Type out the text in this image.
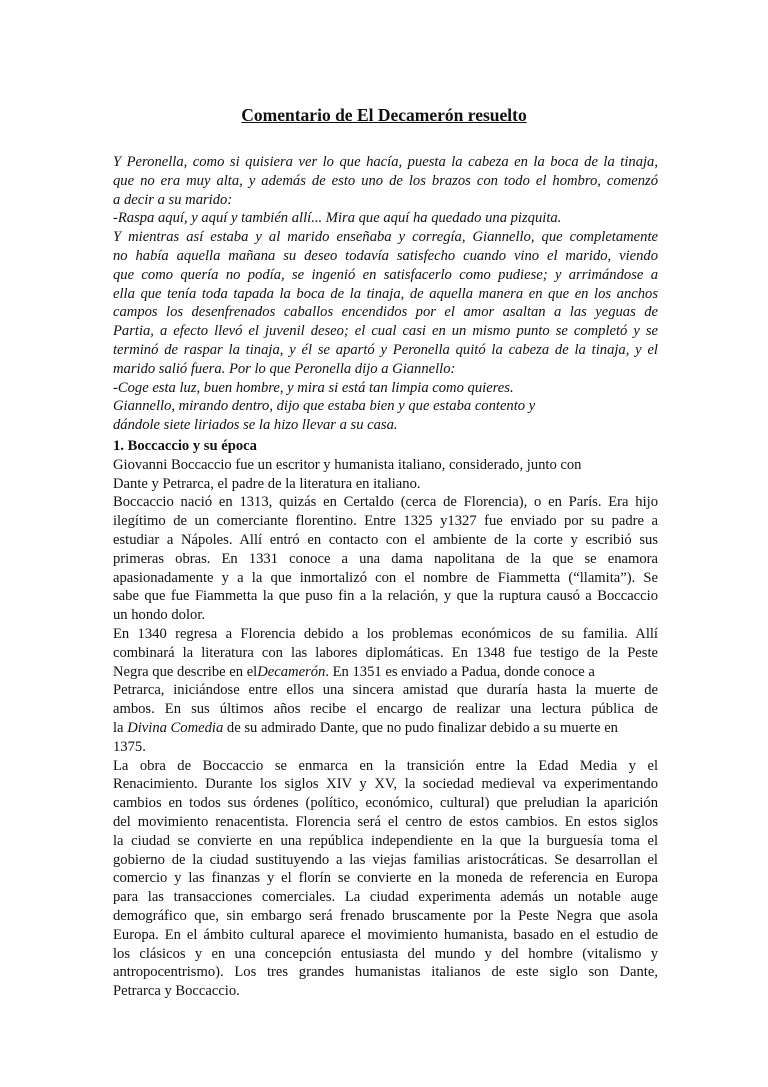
Comentario de El Decamerón resuelto
Y Peronella, como si quisiera ver lo que hacía, puesta la cabeza en la boca de la tinaja,
que no era muy alta, y además de esto uno de los brazos con todo el hombro, comenzó
a decir a su marido:
-Raspa aquí, y aquí y también allí... Mira que aquí ha quedado una pizquita.
Y mientras así estaba y al marido enseñaba y corregía, Giannello, que completamente
no había aquella mañana su deseo todavía satisfecho cuando vino el marido, viendo
que como quería no podía, se ingenió en satisfacerlo como pudiese; y arrimándose a
ella que tenía toda tapada la boca de la tinaja, de aquella manera en que en los anchos
campos los desenfrenados caballos encendidos por el amor asaltan a las yeguas de
Partia, a efecto llevó el juvenil deseo; el cual casi en un mismo punto se completó y se
terminó de raspar la tinaja, y él se apartó y Peronella quitó la cabeza de la tinaja, y el
marido salió fuera. Por lo que Peronella dijo a Giannello:
-Coge esta luz, buen hombre, y mira si está tan limpia como quieres.
Giannello, mirando dentro, dijo que estaba bien y que estaba contento y
dándole siete liriados se la hizo llevar a su casa.
1. Boccaccio y su época
Giovanni Boccaccio fue un escritor y humanista italiano, considerado, junto con
Dante y Petrarca, el padre de la literatura en italiano.
Boccaccio nació en 1313, quizás en Certaldo (cerca de Florencia), o en París. Era hijo
ilegítimo de un comerciante florentino. Entre 1325 y1327 fue enviado por su padre a
estudiar a Nápoles. Allí entró en contacto con el ambiente de la corte y escribió sus
primeras obras. En 1331 conoce a una dama napolitana de la que se enamora
apasionadamente y a la que inmortalizó con el nombre de Fiammetta (“llamita”). Se
sabe que fue Fiammetta la que puso fin a la relación, y que la ruptura causó a Boccaccio
un hondo dolor.
En 1340 regresa a Florencia debido a los problemas económicos de su familia. Allí
combinará la literatura con las labores diplomáticas. En 1348 fue testigo de la Peste
Negra que describe en elDecamerón. En 1351 es enviado a Padua, donde conoce a
Petrarca, iniciándose entre ellos una sincera amistad que duraría hasta la muerte de
ambos. En sus últimos años recibe el encargo de realizar una lectura pública de
la Divina Comedia de su admirado Dante, que no pudo finalizar debido a su muerte en
1375.
La obra de Boccaccio se enmarca en la transición entre la Edad Media y el
Renacimiento. Durante los siglos XIV y XV, la sociedad medieval va experimentando
cambios en todos sus órdenes (político, económico, cultural) que preludian la aparición
del movimiento renacentista. Florencia será el centro de estos cambios. En estos siglos
la ciudad se convierte en una república independiente en la que la burguesía toma el
gobierno de la ciudad sustituyendo a las viejas familias aristocráticas. Se desarrollan el
comercio y las finanzas y el florín se convierte en la moneda de referencia en Europa
para las transacciones comerciales. La ciudad experimenta además un notable auge
demográfico que, sin embargo será frenado bruscamente por la Peste Negra que asola
Europa. En el ámbito cultural aparece el movimiento humanista, basado en el estudio de
los clásicos y en una concepción entusiasta del mundo y del hombre (vitalismo y
antropocentrismo). Los tres grandes humanistas italianos de este siglo son Dante,
Petrarca y Boccaccio.
